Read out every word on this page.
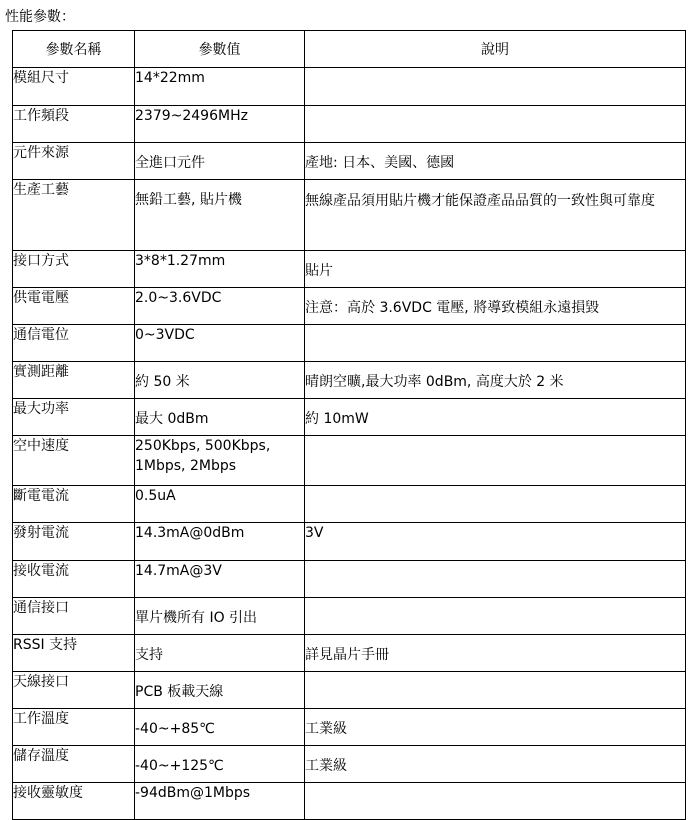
性能參數：
參數名稱	參數值	說明
模組尺寸	14*22mm	
工作頻段	2379~2496MHz	
元件來源	全進口元件	產地: 日本、美國、德國
生產工藝	無鉛工藝, 貼片機	無線產品須用貼片機才能保證產品品質的一致性與可靠度
接口方式	3*8*1.27mm	貼片
供電電壓	2.0~3.6VDC	注意：高於 3.6VDC 電壓, 將導致模組永遠損毀
通信電位	0~3VDC	
實測距離	約 50 米	晴朗空曠,最大功率 0dBm, 高度大於 2 米
最大功率	最大 0dBm	約 10mW
空中速度	250Kbps, 500Kbps, 1Mbps, 2Mbps	
斷電電流	0.5uA	
發射電流	14.3mA@0dBm	3V
接收電流	14.7mA@3V	
通信接口	單片機所有 IO 引出	
RSSI 支持	支持	詳見晶片手冊
天線接口	PCB 板載天線	
工作溫度	-40~+85℃	工業級
儲存溫度	-40~+125℃	工業級
接收靈敏度	-94dBm@1Mbps	
